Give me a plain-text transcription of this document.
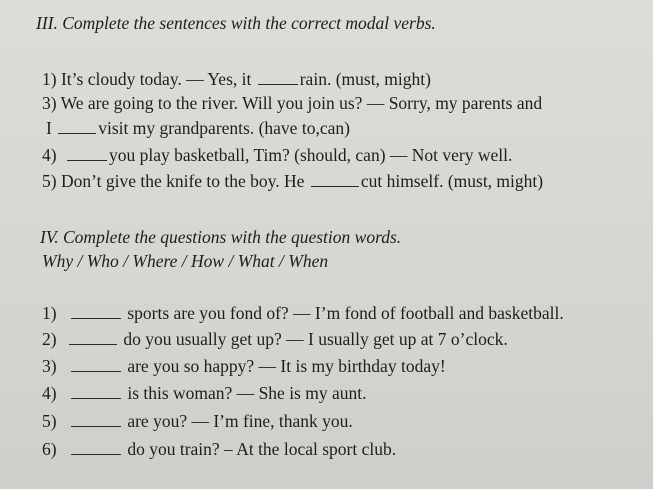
III. Complete the sentences with the correct modal verbs.
1) It’s cloudy today. — Yes, it	rain. (must, might)
3) We are going to the river. Will you join us? — Sorry, my parents and
I	visit my grandparents. (have to,can)
4)	you play basketball, Tim? (should, can) — Not very well.
5) Don’t give the knife to the boy. He	cut himself. (must, might)
IV. Complete the questions with the question words.
Why / Who / Where / How / What / When
1)	sports are you fond of? — I’m fond of football and basketball.
2)	do you usually get up? — I usually get up at 7 o’clock.
3)	are you so happy? — It is my birthday today!
4)	is this woman? — She is my aunt.
5)	are you? — I’m fine, thank you.
6)	do you train? – At the local sport club.
